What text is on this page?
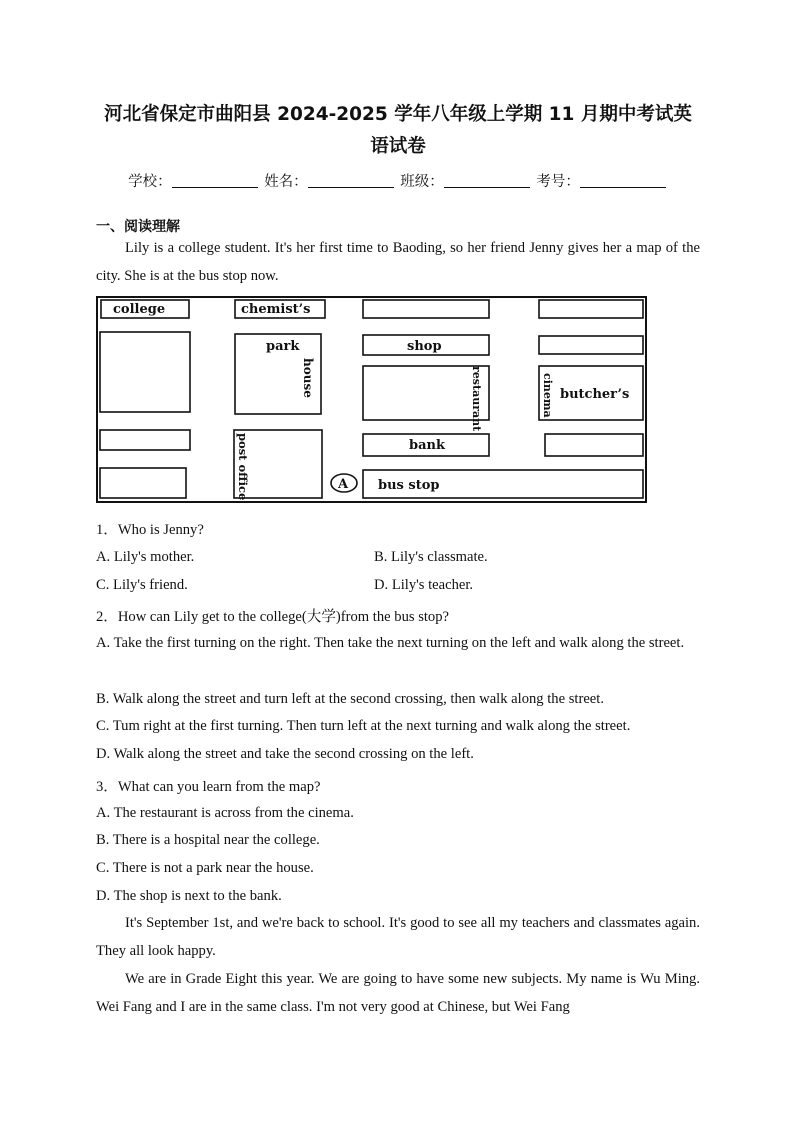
河北省保定市曲阳县 2024-2025 学年八年级上学期 11 月期中考试英
语试卷
学校：	姓名：	班级：	考号：
一、阅读理解

Lily is a college student. It's her first time to Baoding, so her friend Jenny gives her a map of the city. She is at the bus stop now.

college	chemist’s
park	shop
house	restaurant	cinema butcher’s
bank
post office	A bus stop
1．Who is Jenny?
A. Lily's mother.	B. Lily's classmate.
C. Lily's friend.	D. Lily's teacher.
2．How can Lily get to the college(大学)from the bus stop?

A. Take the first turning on the right. Then take the next turning on the left and walk along the street.

B. Walk along the street and turn left at the second crossing, then walk along the street.
C. Tum right at the first turning. Then turn left at the next turning and walk along the street.
D. Walk along the street and take the second crossing on the left.
3．What can you learn from the map?
A. The restaurant is across from the cinema.
B. There is a hospital near the college.
C. There is not a park near the house.
D. The shop is next to the bank.

It's September 1st, and we're back to school. It's good to see all my teachers and classmates again. They all look happy.

We are in Grade Eight this year. We are going to have some new subjects. My name is Wu Ming. Wei Fang and I are in the same class. I'm not very good at Chinese, but Wei Fang
